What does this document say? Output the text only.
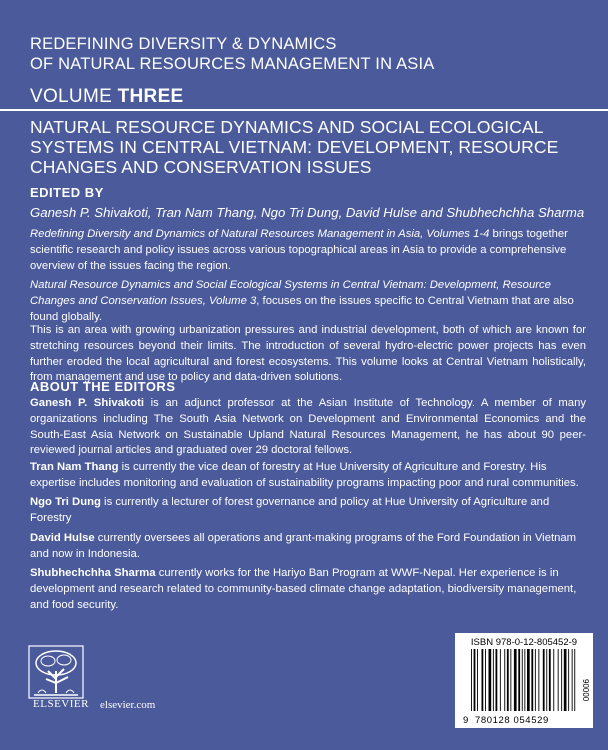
REDEFINING DIVERSITY & DYNAMICS
OF NATURAL RESOURCES MANAGEMENT IN ASIA
VOLUME THREE
NATURAL RESOURCE DYNAMICS AND SOCIAL ECOLOGICAL SYSTEMS IN CENTRAL VIETNAM: DEVELOPMENT, RESOURCE CHANGES AND CONSERVATION ISSUES
EDITED BY
Ganesh P. Shivakoti, Tran Nam Thang, Ngo Tri Dung, David Hulse and Shubhechchha Sharma
Redefining Diversity and Dynamics of Natural Resources Management in Asia, Volumes 1-4 brings together scientific research and policy issues across various topographical areas in Asia to provide a comprehensive overview of the issues facing the region.
Natural Resource Dynamics and Social Ecological Systems in Central Vietnam: Development, Resource Changes and Conservation Issues, Volume 3, focuses on the issues specific to Central Vietnam that are also found globally.
This is an area with growing urbanization pressures and industrial development, both of which are known for stretching resources beyond their limits. The introduction of several hydro-electric power projects has even further eroded the local agricultural and forest ecosystems. This volume looks at Central Vietnam holistically, from management and use to policy and data-driven solutions.
ABOUT THE EDITORS
Ganesh P. Shivakoti is an adjunct professor at the Asian Institute of Technology. A member of many organizations including The South Asia Network on Development and Environmental Economics and the South-East Asia Network on Sustainable Upland Natural Resources Management, he has about 90 peer-reviewed journal articles and graduated over 29 doctoral fellows.
Tran Nam Thang is currently the vice dean of forestry at Hue University of Agriculture and Forestry. His expertise includes monitoring and evaluation of sustainability programs impacting poor and rural communities.
Ngo Tri Dung is currently a lecturer of forest governance and policy at Hue University of Agriculture and Forestry
David Hulse currently oversees all operations and grant-making programs of the Ford Foundation in Vietnam and now in Indonesia.
Shubhechchha Sharma currently works for the Hariyo Ban Program at WWF-Nepal. Her experience is in development and research related to community-based climate change adaptation, biodiversity management, and food security.
ELSEVIER	elsevier.com
ISBN 978-0-12-805452-9
9 780128 054529
90000
